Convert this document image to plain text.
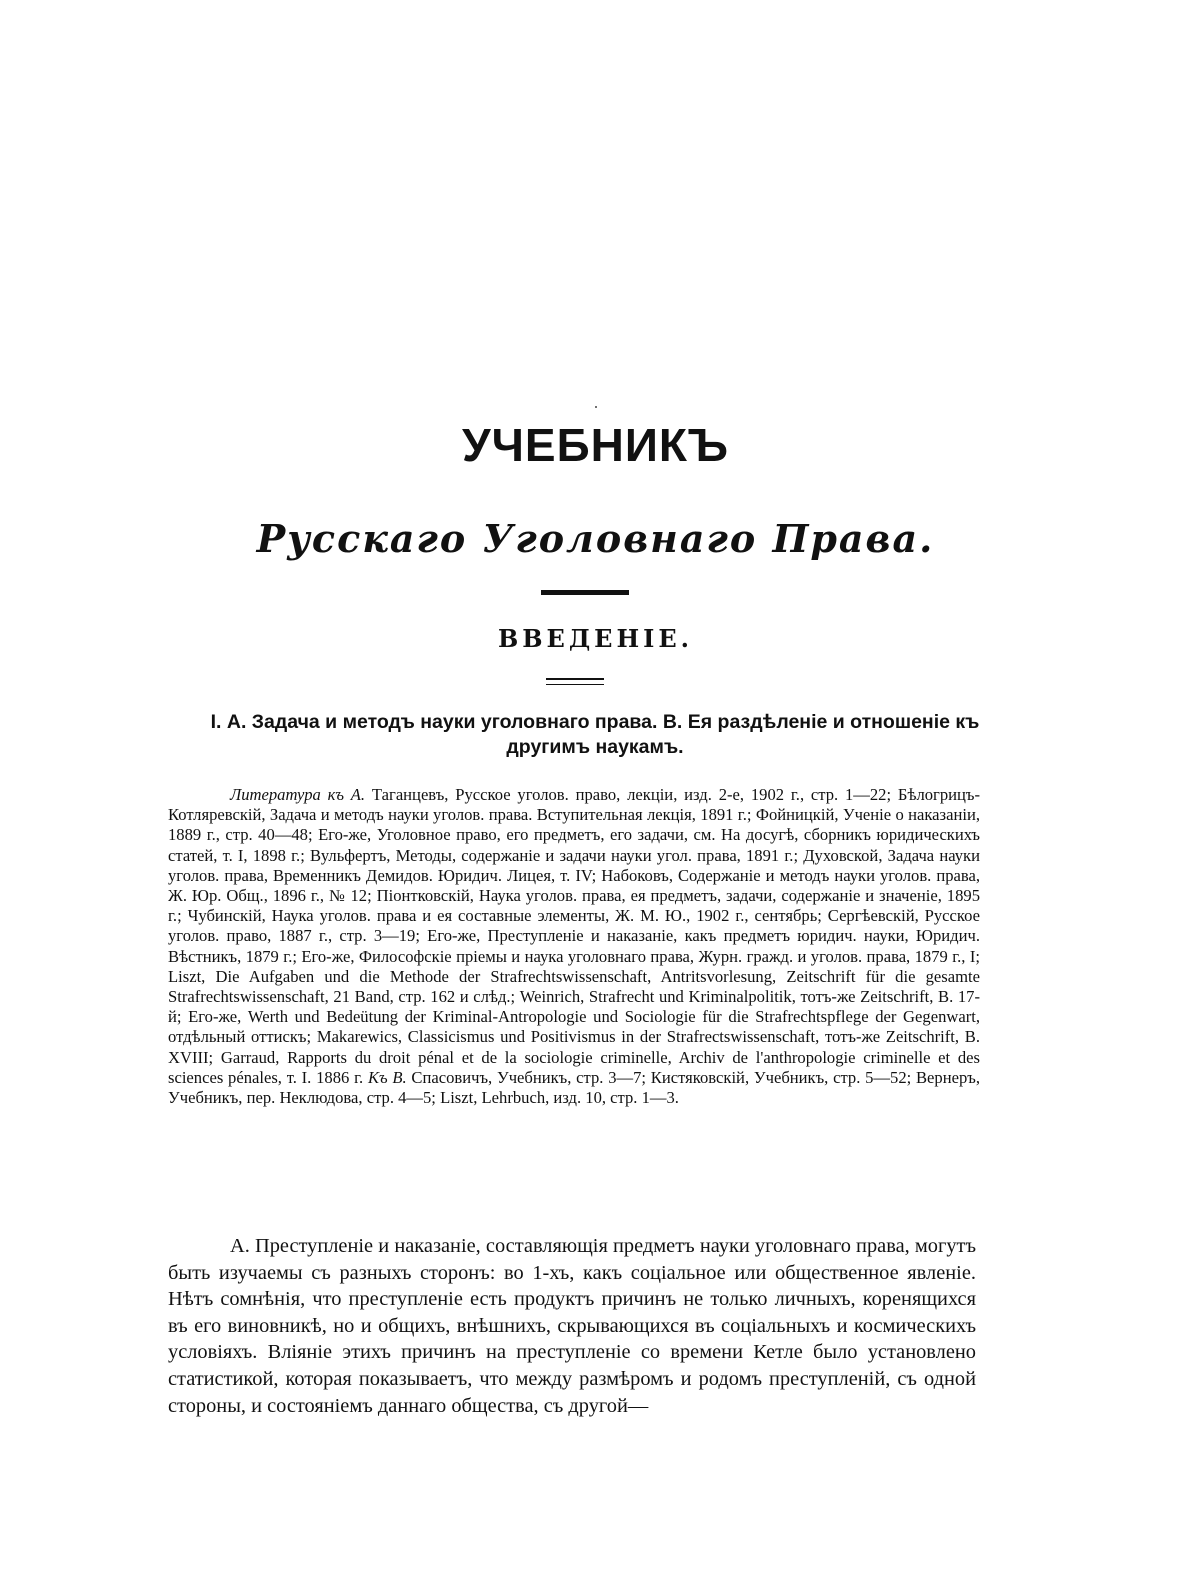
УЧЕБНИКЪ
Русскаго Уголовнаго Права.
ВВЕДЕНІЕ.
I. А. Задача и методъ науки уголовнаго права. В. Ея раздѣленіе и отношеніе къ другимъ наукамъ.

Литература къ А. Таганцевъ, Русское уголов. право, лекціи, изд. 2-е, 1902 г., стр. 1—22; Бѣлогрицъ-Котляревскій, Задача и методъ науки уголов. права. Вступительная лекція, 1891 г.; Фойницкій, Ученіе о наказаніи, 1889 г., стр. 40—48; Его-же, Уголовное право, его предметъ, его задачи, см. На досугѣ, сборникъ юридическихъ статей, т. I, 1898 г.; Вульфертъ, Методы, содержаніе и задачи науки угол. права, 1891 г.; Духовской, Задача науки уголов. права, Временникъ Демидов. Юридич. Лицея, т. IV; Набоковъ, Содержаніе и методъ науки уголов. права, Ж. Юр. Общ., 1896 г., № 12; Піонтковскій, Наука уголов. права, ея предметъ, задачи, содержаніе и значеніе, 1895 г.; Чубинскій, Наука уголов. права и ея составные элементы, Ж. М. Ю., 1902 г., сентябрь; Сергѣевскій, Русское уголов. право, 1887 г., стр. 3—19; Его-же, Преступленіе и наказаніе, какъ предметъ юридич. науки, Юридич. Вѣстникъ, 1879 г.; Его-же, Философскіе пріемы и наука уголовнаго права, Журн. гражд. и уголов. права, 1879 г., I; Liszt, Die Aufgaben und die Methode der Strafrechtswissenschaft, Antritsvorlesung, Zeitschrift für die gesamte Strafrechtswissenschaft, 21 Band, стр. 162 и слѣд.; Weinrich, Strafrecht und Kriminalpolitik, тотъ-же Zeitschrift, B. 17-й; Его-же, Werth und Bedeütung der Kriminal-Antropologie und Sociologie für die Strafrechtspflege der Gegenwart, отдѣльный оттискъ; Makarewics, Classicismus und Positivismus in der Strafrectswissenschaft, тотъ-же Zeitschrift, B. XVIII; Garraud, Rapports du droit pénal et de la sociologie criminelle, Archiv de l'anthropologie criminelle et des sciences pénales, т. I. 1886 г. Къ В. Спасовичъ, Учебникъ, стр. 3—7; Кистяковскій, Учебникъ, стр. 5—52; Вернеръ, Учебникъ, пер. Неклюдова, стр. 4—5; Liszt, Lehrbuch, изд. 10, стр. 1—3.

А. Преступленіе и наказаніе, составляющія предметъ науки уголовнаго права, могутъ быть изучаемы съ разныхъ сторонъ: во 1-хъ, какъ соціальное или общественное явленіе. Нѣтъ сомнѣнія, что преступленіе есть продуктъ причинъ не только личныхъ, коренящихся въ его виновникѣ, но и общихъ, внѣшнихъ, скрывающихся въ соціальныхъ и космическихъ условіяхъ. Вліяніе этихъ причинъ на преступленіе со времени Кетле было установлено статистикой, которая показываетъ, что между размѣромъ и родомъ преступленій, съ одной стороны, и состояніемъ даннаго общества, съ другой—
